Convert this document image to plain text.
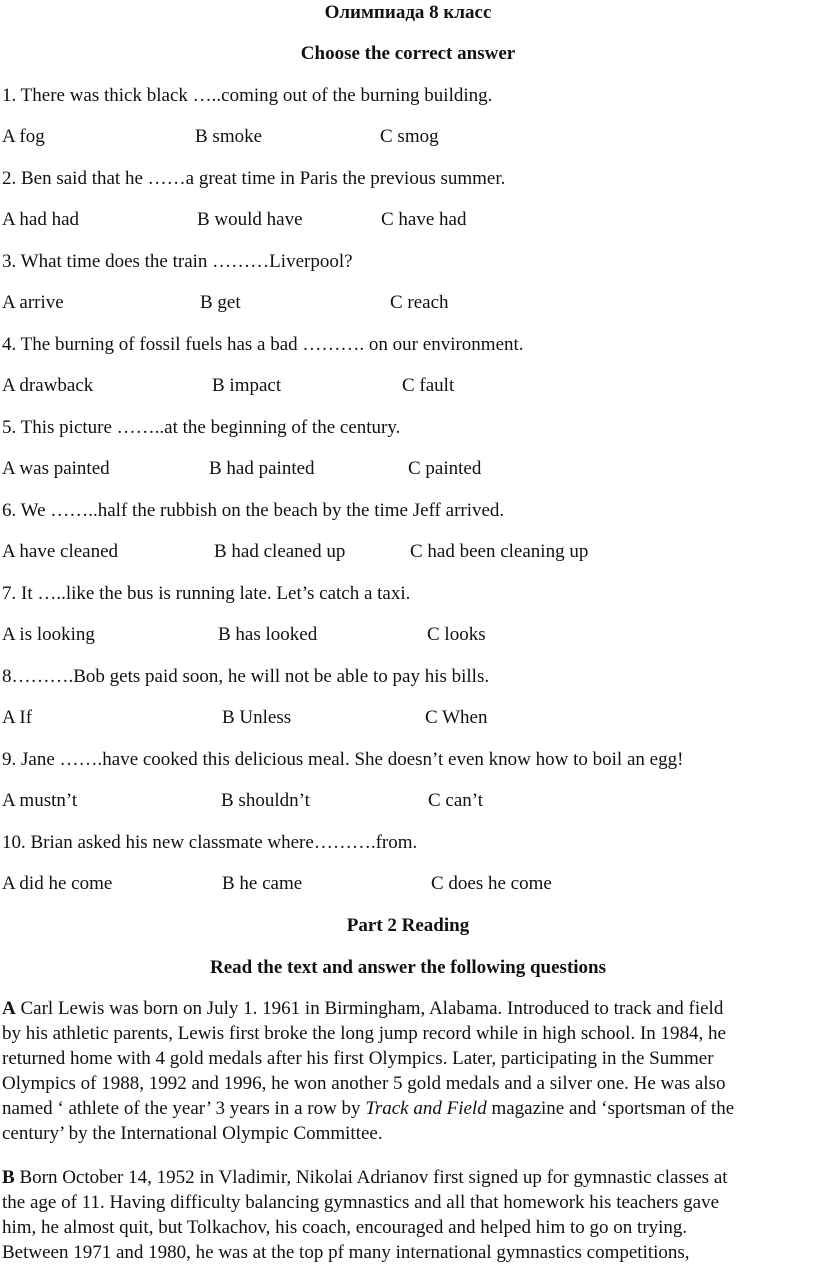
Олимпиада 8 класс
Choose the correct answer
1. There was thick black …..coming out of the burning building.
A fog	B smoke	C smog
2. Ben said that he ……a great time in Paris the previous summer.
A had had	B would have	C have had
3. What time does the train ………Liverpool?
A arrive	B get	C reach
4. The burning of fossil fuels has a bad ………. on our environment.
A drawback	B impact	C fault
5. This picture ……..at the beginning of the century.
A was painted	B had painted	C painted
6. We ……..half the rubbish on the beach by the time Jeff arrived.
A have cleaned	B had cleaned up	C had been cleaning up
7. It …..like the bus is running late. Let’s catch a taxi.
A is looking	B has looked	C looks
8……….Bob gets paid soon, he will not be able to pay his bills.
A If	B Unless	C When
9. Jane …….have cooked this delicious meal. She doesn’t even know how to boil an egg!
A mustn’t	B shouldn’t	C can’t
10. Brian asked his new classmate where……….from.
A did he come	B he came	C does he come
Part 2 Reading
Read the text and answer the following questions
A Carl Lewis was born on July 1. 1961 in Birmingham, Alabama. Introduced to track and field
by his athletic parents, Lewis first broke the long jump record while in high school. In 1984, he
returned home with 4 gold medals after his first Olympics. Later, participating in the Summer
Olympics of 1988, 1992 and 1996, he won another 5 gold medals and a silver one. He was also
named ‘ athlete of the year’ 3 years in a row by Track and Field magazine and ‘sportsman of the
century’ by the International Olympic Committee.
B Born October 14, 1952 in Vladimir, Nikolai Adrianov first signed up for gymnastic classes at
the age of 11. Having difficulty balancing gymnastics and all that homework his teachers gave
him, he almost quit, but Tolkachov, his coach, encouraged and helped him to go on trying.
Between 1971 and 1980, he was at the top pf many international gymnastics competitions,
